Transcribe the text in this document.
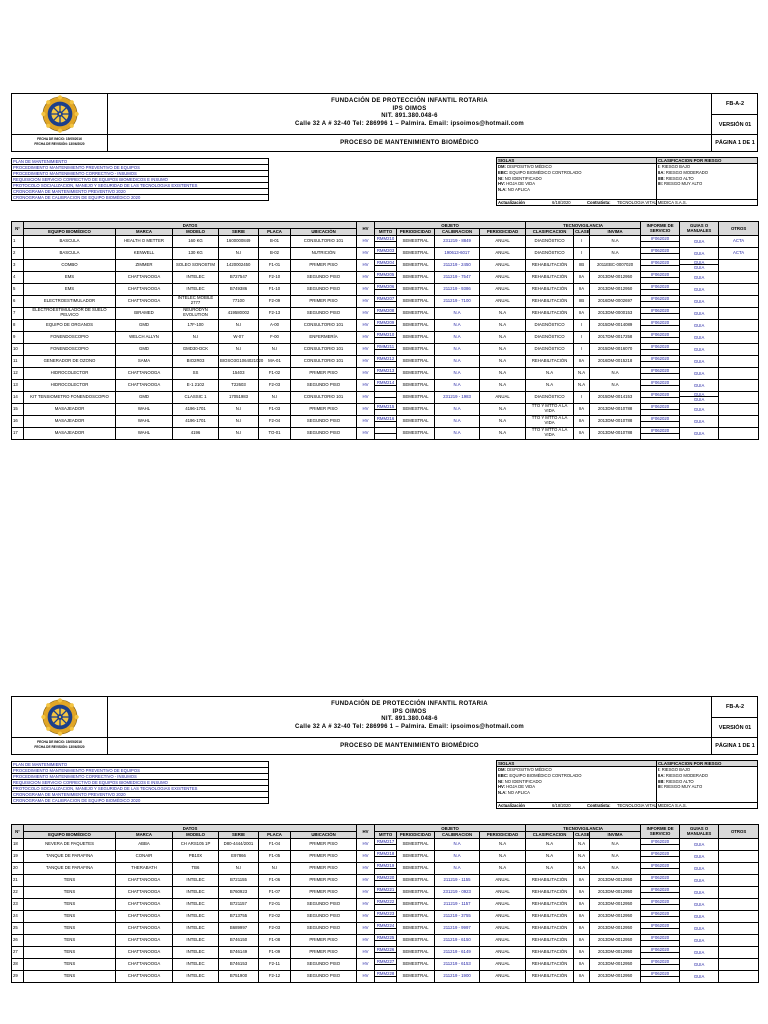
FECHA DE INICIO: 15/05/2016
FECHA DE REVISIÓN: 13/06/2020
FUNDACIÓN DE PROTECCIÓN INFANTIL ROTARIA
IPS OIMOS
NIT. 891.380.048-6
Calle 32 A # 32-40 Tel: 286996 1 – Palmira. Email: ipsoimos@hotmail.com
PROCESO DE MANTENIMIENTO BIOMÉDICO
FB-A-2
VERSIÓN 01
PÁGINA 1 DE 1
PLAN DE MANTENIMIENTO
PROCEDIMIENTO MANTENIMIENTO PREVENTIVO DE EQUIPOS
PROCEDIMIENTO MANTENIMIENTO CORRECTIVO - INSUMOS
REQUISICION SERVICIO CORRECTIVO DE EQUIPOS BIOMEDICOS E INSUMO
PROTOCOLO SOCIALIZACION, MANEJO Y SEGURIDAD DE LAS TECNOLOGIAS EXISTENTES
CRONOGRAMA DE MANTENIMIENTO PREVENTIVO 2020
CRONOGRAMA DE CALIBRACION DE EQUIPO BIOMÉDICO 2020
SIGLAS
DM: DISPOSITIVO MÉDICO
EBC: EQUIPO BIOMÉDICO CONTROLADO
NI: NO IDENTIFICADO
HV: HOJA DE VIDA
N.A: NO APLICA
CLASIFICACION POR RIESGO
I: RIESGO BAJO
IIA: RIESGO MODERADO
IIB: RIESGO ALTO
III: RIESGO MUY ALTO
Actualización	6/18/2020	Contratista: TECNOLOGIA VITAL MEDICA S.A.S.
N°	DATOS						HV	OBJETO				TECNOVIGILANCIA			INFORME DE SERVICIO	GUIAS O MANUALES	OTROS
	EQUIPO BIOMÉDICO	MARCA	MODELO	SERIE	PLACA	UBICACIÓN		MITTO	PERIODICIDAD	CALIBRACION	PERIODICIDAD	CLASIFICACION	CLASE	INVIMA			
1	BASCULA	HEALTH O METTER	160 KG	1600000849	B-01	CONSULTORIO 101	HV	RMM210	SEMESTRAL	231219 - 8849	ANUAL	DIAGNÓSTICO	I	N.A	IF062020	GUIA	ACTA
2	BASCULA	KENWELL	130 KG	N.I	B-02	NUTRICIÓN	HV	RMM203	SEMESTRAL	190613-6017	ANUAL	DIAGNÓSTICO	I	N.A	IF062020	GUIA	ACTA
3	COMBO	ZIMMER	SOLEO SONOSTIM	1420002450	F1-01	PRIMER PISO	HV	RMM204	SEMESTRAL	211219 - 2450	ANUAL	REHABILITACIÓN	IIB	2011EBC-0007020	IF062020	GUIA
GUIA	

4	EMS	CHATTANOOGA	INTELEC	B727547	F2-10	SEGUNDO PISO	HV	RMM205	SEMESTRAL	211219 - 7547	ANUAL	REHABILITACIÓN	IIA	2013DM-0012950	IF062020	GUIA	

5	EMS	CHATTANOOGA	INTELEC	B749386	F1-10	SEGUNDO PISO	HV	RMM206	SEMESTRAL	211219 - 9386	ANUAL	REHABILITACIÓN	IIA	2013DM-0012950	IF062020	GUIA	

6	ELECTROESTIMULADOR	CHATTANOOGA	INTELEC MOBILE 2777	77100	F2-09	PRIMER PISO	HV	RMM207	SEMESTRAL	211219 - 7100	ANUAL	REHABILITACIÓN	IIB	2016DM-0002697	IF062020	GUIA	

7	ELECTROESTIMULADOR DE SUELO PELVICO	BIRAMED	NEURODYN EVOLUTION	419580002	F2-13	SEGUNDO PISO	HV	RMM208	SEMESTRAL	N.A	N.A	REHABILITACIÓN	IIA	2013DM-0000153	IF062020	GUIA	

8	EQUIPO DE ORGANOS	GMD	17F-100	N.I	A-00	CONSULTORIO 101	HV	RMM209	SEMESTRAL	N.A	N.A	DIAGNÓSTICO	I	2015DM-0014089	IF062020	GUIA	

9	FONENDOSCOPIO	WELCH ALLYN	N.I	W-07	F-00	ENFERMERÍA	HV	RMM210	SEMESTRAL	N.A	N.A	DIAGNÓSTICO	I	2017DM-0017258	IF062020	GUIA	

10	FONENDOSCOPIO	GMD	GMD30-DCK	N.I	N.I	CONSULTORIO 101	HV	RMM211	SEMESTRAL	N.A	N.A	DIAGNÓSTICO	I	2015DM-0016070	IF062020	GUIA	

11	GENERADOR DE OZONO	SAMA	BIO2R03	BIOSO3G1064021020	MA-01	CONSULTORIO 101	HV	RMM212	SEMESTRAL	N.A	N.A	REHABILITACIÓN	IIA	2016DM-0015218	IF062020	GUIA	

12	HIDROCOLECTOR	CHATTANOOGA	SS	15403	F1-02	PRIMER PISO	HV	RMM213	SEMESTRAL	N.A	N.A	N.A	N.A	N.A	IF062020	GUIA	

13	HIDROCOLECTOR	CHATTANOOGA	E-1 2102	T22603	F2-03	SEGUNDO PISO	HV	RMM214	SEMESTRAL	N.A	N.A	N.A	N.A	N.A	IF062020	GUIA	

14	KIT TENSIOMETRO FONENDOSCOPIO	GMD	CLASSIC 1	17051983	N.I	CONSULTORIO 101	HV		SEMESTRAL	231219 - 1983	ANUAL	DIAGNÓSTICO	I	2015DM-0014153	IF062020	GUIA
GUIA	

15	MASAJEADOR	WAHL	4196-1701	N.I	F1-03	PRIMER PISO	HV	RMM215	SEMESTRAL	N.A	N.A	TTO Y MTTO A LA VIDA	IIA	2013DM-0010788	IF062020	GUIA	

16	MASAJEADOR	WAHL	4196-1701	N.I	F2-04	SEGUNDO PISO	HV	RMM216	SEMESTRAL	N.A	N.A	TTO Y MTTO A LA VIDA	IIA	2013DM-0010788	IF062020	GUIA	

17	MASAJEADOR	WAHL	4196	N.I	TO-01	SEGUNDO PISO	HV		SEMESTRAL	N.A	N.A	TTO Y MTTO A LA VIDA	IIA	2013DM-0010788	IF062020	GUIA	

FECHA DE INICIO: 15/05/2016
FECHA DE REVISIÓN: 13/06/2020
FUNDACIÓN DE PROTECCIÓN INFANTIL ROTARIA
IPS OIMOS
NIT. 891.380.048-6
Calle 32 A # 32-40 Tel: 286996 1 – Palmira. Email: ipsoimos@hotmail.com
PROCESO DE MANTENIMIENTO BIOMÉDICO
FB-A-2
VERSIÓN 01
PÁGINA 1 DE 1
PLAN DE MANTENIMIENTO
PROCEDIMIENTO MANTENIMIENTO PREVENTIVO DE EQUIPOS
PROCEDIMIENTO MANTENIMIENTO CORRECTIVO - INSUMOS
REQUISICION SERVICIO CORRECTIVO DE EQUIPOS BIOMEDICOS E INSUMO
PROTOCOLO SOCIALIZACION, MANEJO Y SEGURIDAD DE LAS TECNOLOGIAS EXISTENTES
CRONOGRAMA DE MANTENIMIENTO PREVENTIVO 2020
CRONOGRAMA DE CALIBRACION DE EQUIPO BIOMÉDICO 2020
SIGLAS
DM: DISPOSITIVO MÉDICO
EBC: EQUIPO BIOMÉDICO CONTROLADO
NI: NO IDENTIFICADO
HV: HOJA DE VIDA
N.A: NO APLICA
CLASIFICACION POR RIESGO
I: RIESGO BAJO
IIA: RIESGO MODERADO
IIB: RIESGO ALTO
III: RIESGO MUY ALTO
Actualización	6/18/2020	Contratista: TECNOLOGIA VITAL MEDICA S.A.S.
N°	DATOS						HV	OBJETO				TECNOVIGILANCIA			INFORME DE SERVICIO	GUIAS O MANUALES	OTROS
	EQUIPO BIOMÉDICO	MARCA	MODELO	SERIE	PLACA	UBICACIÓN		MITTO	PERIODICIDAD	CALIBRACION	PERIODICIDAD	CLASIFICACION	CLASE	INVIMA			
18	NEVERA DE PAQUETES	ABBA	CH ARS105 1P	D80-4444/2001	F1-04	PRIMER PISO	HV	RMM217	SEMESTRAL	N.A	N.A	N.A	N.A	N.A	IF062020	GUIA	

19	TANQUE DE PARAFINA	CONAIR	PB10X	E97866	F1-05	PRIMER PISO	HV	RMM218	SEMESTRAL	N.A	N.A	N.A	N.A	N.A	IF062020	GUIA	

20	TANQUE DE PARAFINA	THERABATH	TB6	N.I	N.I	PRIMER PISO	HV	RMM219	SEMESTRAL	N.A	N.A	N.A	N.A	N.A	IF062020	GUIA	

21	TENS	CHATTANOOGA	INTELEC	B721155	F1-06	PRIMER PISO	HV	RMM220	SEMESTRAL	211219 - 1155	ANUAL	REHABILITACIÓN	IIA	2013DM-0012950	IF062020	GUIA	

22	TENS	CHATTANOOGA	INTELEC	B760923	F1-07	PRIMER PISO	HV	RMM221	SEMESTRAL	231219 - 0923	ANUAL	REHABILITACIÓN	IIA	2013DM-0012950	IF062020	GUIA	

23	TENS	CHATTANOOGA	INTELEC	B721157	F2-01	SEGUNDO PISO	HV	RMM222	SEMESTRAL	211219 - 1157	ANUAL	REHABILITACIÓN	IIA	2013DM-0012950	IF062020	GUIA	

24	TENS	CHATTANOOGA	INTELEC	B713755	F2-02	SEGUNDO PISO	HV	RMM223	SEMESTRAL	211219 - 3755	ANUAL	REHABILITACIÓN	IIA	2013DM-0012950	IF062020	GUIA	

25	TENS	CHATTANOOGA	INTELEC	B689997	F2-03	SEGUNDO PISO	HV	RMM224	SEMESTRAL	211219 - 9997	ANUAL	REHABILITACIÓN	IIA	2013DM-0012950	IF062020	GUIA	

26	TENS	CHATTANOOGA	INTELEC	B746150	F1-08	PRIMER PISO	HV	RMM225	SEMESTRAL	211219 - 6150	ANUAL	REHABILITACIÓN	IIA	2013DM-0012950	IF062020	GUIA	

27	TENS	CHATTANOOGA	INTELEC	B746149	F1-09	PRIMER PISO	HV	RMM226	SEMESTRAL	211219 - 6149	ANUAL	REHABILITACIÓN	IIA	2013DM-0012950	IF062020	GUIA	

28	TENS	CHATTANOOGA	INTELEC	B746153	F2-11	SEGUNDO PISO	HV	RMM227	SEMESTRAL	211219 - 6153	ANUAL	REHABILITACIÓN	IIA	2013DM-0012950	IF062020	GUIA	

29	TENS	CHATTANOOGA	INTELEC	B751900	F2-12	SEGUNDO PISO	HV	RMM228	SEMESTRAL	211219 - 1900	ANUAL	REHABILITACIÓN	IIA	2013DM-0012950	IF062020	GUIA	
